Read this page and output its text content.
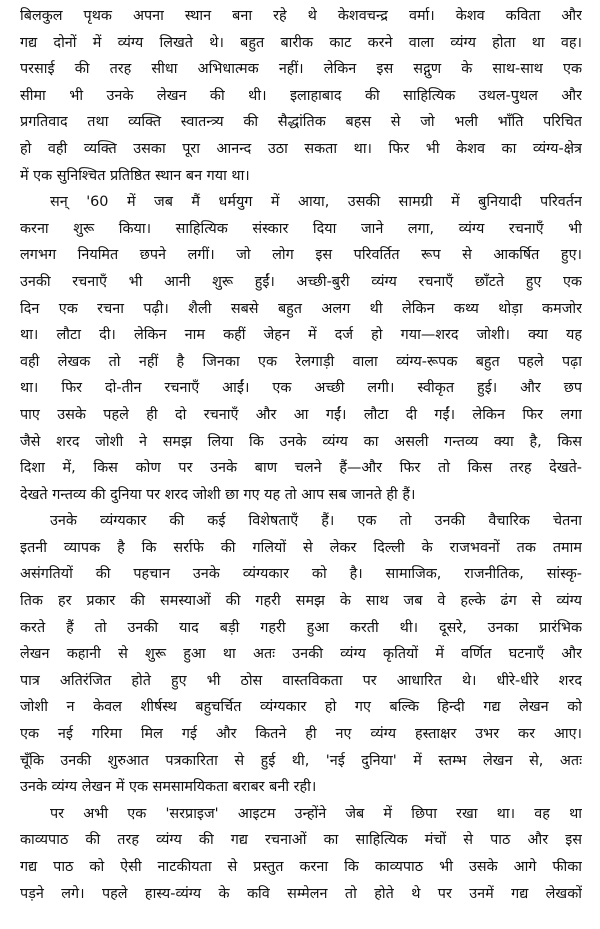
बिलकुल पृथक अपना स्थान बना रहे थे केशवचन्द्र वर्मा। केशव कविता और
गद्य दोनों में व्यंग्य लिखते थे। बहुत बारीक काट करने वाला व्यंग्य होता था वह।
परसाई की तरह सीधा अभिधात्मक नहीं। लेकिन इस सद्गुण के साथ-साथ एक
सीमा भी उनके लेखन की थी। इलाहाबाद की साहित्यिक उथल-पुथल और
प्रगतिवाद तथा व्यक्ति स्वातन्त्र्य की सैद्धांतिक बहस से जो भली भाँति परिचित
हो वही व्यक्ति उसका पूरा आनन्द उठा सकता था। फिर भी केशव का व्यंग्य-क्षेत्र
में एक सुनिश्चित प्रतिष्ठित स्थान बन गया था।
सन् '60 में जब मैं धर्मयुग में आया, उसकी सामग्री में बुनियादी परिवर्तन
करना शुरू किया। साहित्यिक संस्कार दिया जाने लगा, व्यंग्य रचनाएँ भी
लगभग नियमित छपने लगीं। जो लोग इस परिवर्तित रूप से आकर्षित हुए।
उनकी रचनाएँ भी आनी शुरू हुईं। अच्छी-बुरी व्यंग्य रचनाएँ छाँटते हुए एक
दिन एक रचना पढ़ी। शैली सबसे बहुत अलग थी लेकिन कथ्य थोड़ा कमजोर
था। लौटा दी। लेकिन नाम कहीं जेहन में दर्ज हो गया—शरद जोशी। क्या यह
वही लेखक तो नहीं है जिनका एक रेलगाड़ी वाला व्यंग्य-रूपक बहुत पहले पढ़ा
था। फिर दो-तीन रचनाएँ आईं। एक अच्छी लगी। स्वीकृत हुई। और छप
पाए उसके पहले ही दो रचनाएँ और आ गईं। लौटा दी गईं। लेकिन फिर लगा
जैसे शरद जोशी ने समझ लिया कि उनके व्यंग्य का असली गन्तव्य क्या है, किस
दिशा में, किस कोण पर उनके बाण चलने हैं—और फिर तो किस तरह देखते-
देखते गन्तव्य की दुनिया पर शरद जोशी छा गए यह तो आप सब जानते ही हैं।
उनके व्यंग्यकार की कई विशेषताएँ हैं। एक तो उनकी वैचारिक चेतना
इतनी व्यापक है कि सर्राफे की गलियों से लेकर दिल्ली के राजभवनों तक तमाम
असंगतियों की पहचान उनके व्यंग्यकार को है। सामाजिक, राजनीतिक, सांस्कृ-
तिक हर प्रकार की समस्याओं की गहरी समझ के साथ जब वे हल्के ढंग से व्यंग्य
करते हैं तो उनकी याद बड़ी गहरी हुआ करती थी। दूसरे, उनका प्रारंभिक
लेखन कहानी से शुरू हुआ था अतः उनकी व्यंग्य कृतियों में वर्णित घटनाएँ और
पात्र अतिरंजित होते हुए भी ठोस वास्तविकता पर आधारित थे। धीरे-धीरे शरद
जोशी न केवल शीर्षस्थ बहुचर्चित व्यंग्यकार हो गए बल्कि हिन्दी गद्य लेखन को
एक नई गरिमा मिल गई और कितने ही नए व्यंग्य हस्ताक्षर उभर कर आए।
चूँकि उनकी शुरुआत पत्रकारिता से हुई थी, 'नई दुनिया' में स्तम्भ लेखन से, अतः
उनके व्यंग्य लेखन में एक समसामयिकता बराबर बनी रही।
पर अभी एक 'सरप्राइज' आइटम उन्होंने जेब में छिपा रखा था। वह था
काव्यपाठ की तरह व्यंग्य की गद्य रचनाओं का साहित्यिक मंचों से पाठ और इस
गद्य पाठ को ऐसी नाटकीयता से प्रस्तुत करना कि काव्यपाठ भी उसके आगे फीका
पड़ने लगे। पहले हास्य-व्यंग्य के कवि सम्मेलन तो होते थे पर उनमें गद्य लेखकों
